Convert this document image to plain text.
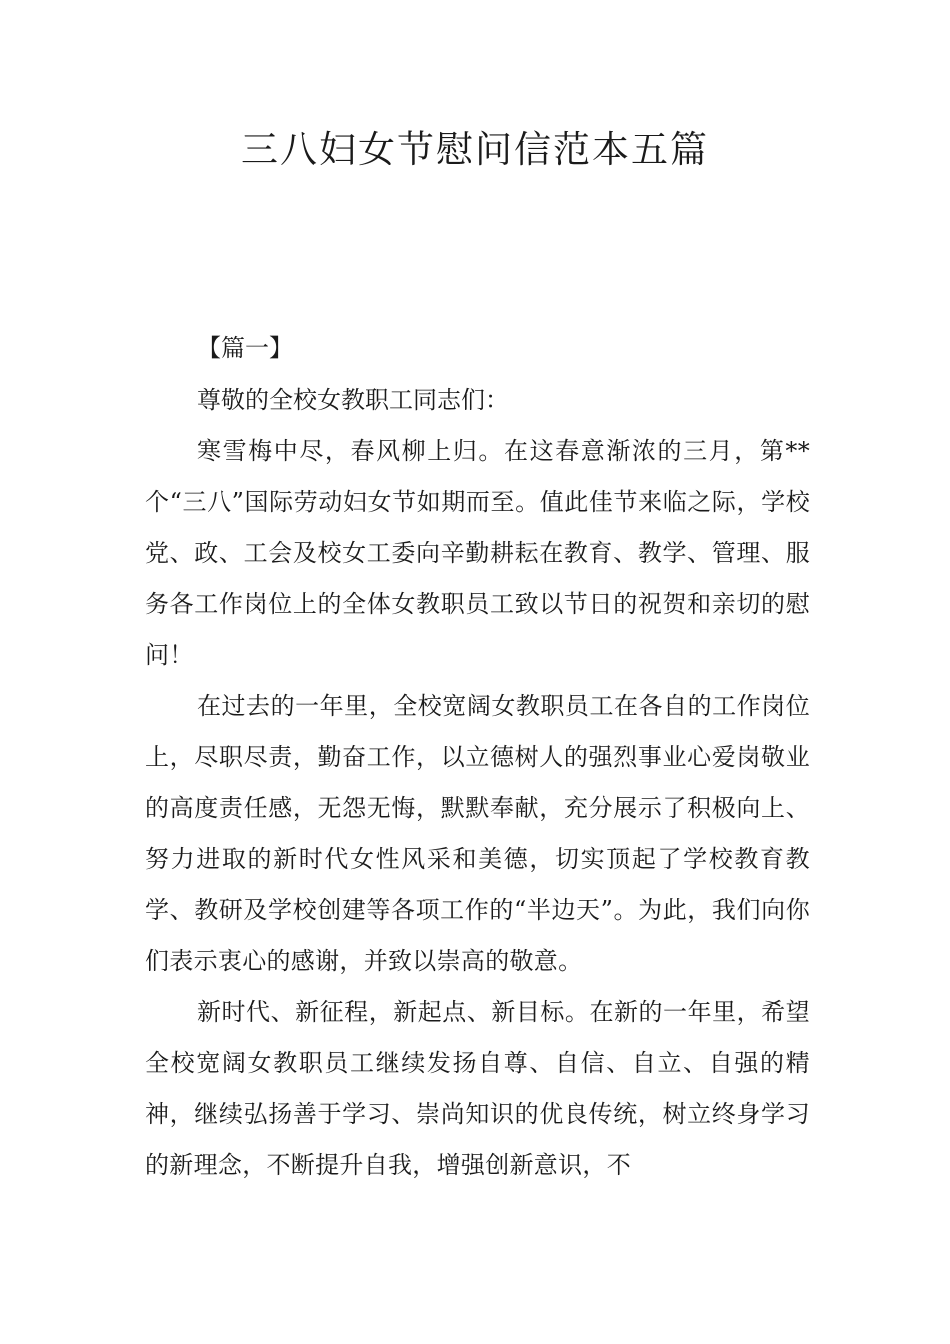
三八妇女节慰问信范本五篇

【篇一】

尊敬的全校女教职工同志们：

寒雪梅中尽，春风柳上归。在这春意渐浓的三月，第**个“三八”国际劳动妇女节如期而至。值此佳节来临之际，学校党、政、工会及校女工委向辛勤耕耘在教育、教学、管理、服务各工作岗位上的全体女教职员工致以节日的祝贺和亲切的慰问！

在过去的一年里，全校宽阔女教职员工在各自的工作岗位上，尽职尽责，勤奋工作，以立德树人的强烈事业心爱岗敬业的高度责任感，无怨无悔，默默奉献，充分展示了积极向上、努力进取的新时代女性风采和美德，切实顶起了学校教育教学、教研及学校创建等各项工作的“半边天”。为此，我们向你们表示衷心的感谢，并致以崇高的敬意。

新时代、新征程，新起点、新目标。在新的一年里，希望全校宽阔女教职员工继续发扬自尊、自信、自立、自强的精神，继续弘扬善于学习、崇尚知识的优良传统，树立终身学习的新理念，不断提升自我，增强创新意识，不
